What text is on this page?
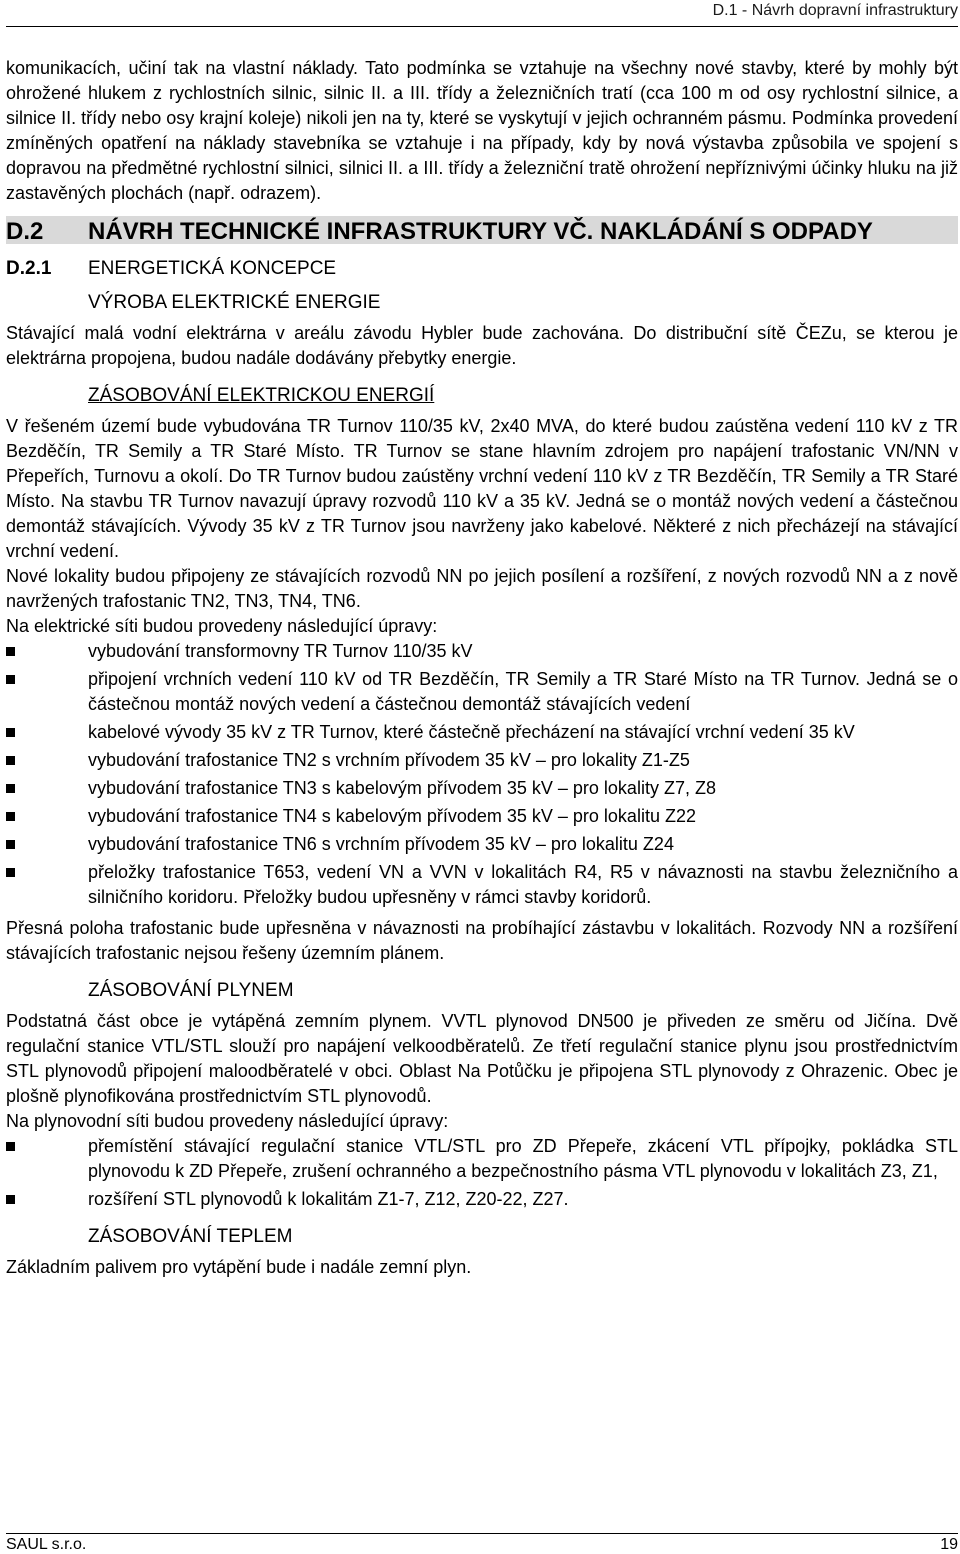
D.1 - Návrh dopravní infrastruktury

komunikacích, učiní tak na vlastní náklady. Tato podmínka se vztahuje na všechny nové stavby, které by mohly být ohrožené hlukem z rychlostních silnic, silnic II. a III. třídy a železničních tratí (cca 100 m od osy rychlostní silnice, a silnice II. třídy nebo osy krajní koleje) nikoli jen na ty, které se vyskytují v jejich ochranném pásmu. Podmínka provedení zmíněných opatření na náklady stavebníka se vztahuje i na případy, kdy by nová výstavba způsobila ve spojení s dopravou na předmětné rychlostní silnici, silnici II. a III. třídy a železniční tratě ohrožení nepříznivými účinky hluku na již zastavěných plochách (např. odrazem).

D.2 NÁVRH TECHNICKÉ INFRASTRUKTURY VČ. NAKLÁDÁNÍ S ODPADY
D.2.1 ENERGETICKÁ KONCEPCE
VÝROBA ELEKTRICKÉ ENERGIE

Stávající malá vodní elektrárna v areálu závodu Hybler bude zachována. Do distribuční sítě ČEZu, se kterou je elektrárna propojena, budou nadále dodávány přebytky energie.

ZÁSOBOVÁNÍ ELEKTRICKOU ENERGIÍ

V řešeném území bude vybudována TR Turnov 110/35 kV, 2x40 MVA, do které budou zaústěna vedení 110 kV z TR Bezděčín, TR Semily a TR Staré Místo. TR Turnov se stane hlavním zdrojem pro napájení trafostanic VN/NN v Přepeřích, Turnovu a okolí. Do TR Turnov budou zaústěny vrchní vedení 110 kV z TR Bezděčín, TR Semily a TR Staré Místo. Na stavbu TR Turnov navazují úpravy rozvodů 110 kV a 35 kV. Jedná se o montáž nových vedení a částečnou demontáž stávajících. Vývody 35 kV z TR Turnov jsou navrženy jako kabelové. Některé z nich přecházejí na stávající vrchní vedení.

Nové lokality budou připojeny ze stávajících rozvodů NN po jejich posílení a rozšíření, z nových rozvodů NN a z nově navržených trafostanic TN2, TN3, TN4, TN6.

Na elektrické síti budou provedeny následující úpravy:

vybudování transformovny TR Turnov 110/35 kV
připojení vrchních vedení 110 kV od TR Bezděčín, TR Semily a TR Staré Místo na TR Turnov. Jedná se o částečnou montáž nových vedení a částečnou demontáž stávajících vedení
kabelové vývody 35 kV z TR Turnov, které částečně přecházení na stávající vrchní vedení 35 kV
vybudování trafostanice TN2 s vrchním přívodem 35 kV – pro lokality Z1-Z5
vybudování trafostanice TN3 s kabelovým přívodem 35 kV – pro lokality Z7, Z8
vybudování trafostanice TN4 s kabelovým přívodem 35 kV – pro lokalitu Z22
vybudování trafostanice TN6 s vrchním přívodem 35 kV – pro lokalitu Z24
přeložky trafostanice T653, vedení VN a VVN v lokalitách R4, R5 v návaznosti na stavbu železničního a silničního koridoru. Přeložky budou upřesněny v rámci stavby koridorů.

Přesná poloha trafostanic bude upřesněna v návaznosti na probíhající zástavbu v lokalitách. Rozvody NN a rozšíření stávajících trafostanic nejsou řešeny územním plánem.

ZÁSOBOVÁNÍ PLYNEM

Podstatná část obce je vytápěná zemním plynem. VVTL plynovod DN500 je přiveden ze směru od Jičína. Dvě regulační stanice VTL/STL slouží pro napájení velkoodběratelů. Ze třetí regulační stanice plynu jsou prostřednictvím STL plynovodů připojení maloodběratelé v obci. Oblast Na Potůčku je připojena STL plynovody z Ohrazenic. Obec je plošně plynofikována prostřednictvím STL plynovodů.

Na plynovodní síti budou provedeny následující úpravy:

přemístění stávající regulační stanice VTL/STL pro ZD Přepeře, zkácení VTL přípojky, pokládka STL plynovodu k ZD Přepeře, zrušení ochranného a bezpečnostního pásma VTL plynovodu v lokalitách Z3, Z1,
rozšíření STL plynovodů k lokalitám Z1-7, Z12, Z20-22, Z27.
ZÁSOBOVÁNÍ TEPLEM

Základním palivem pro vytápění bude i nadále zemní plyn.

SAUL s.r.o.	19
